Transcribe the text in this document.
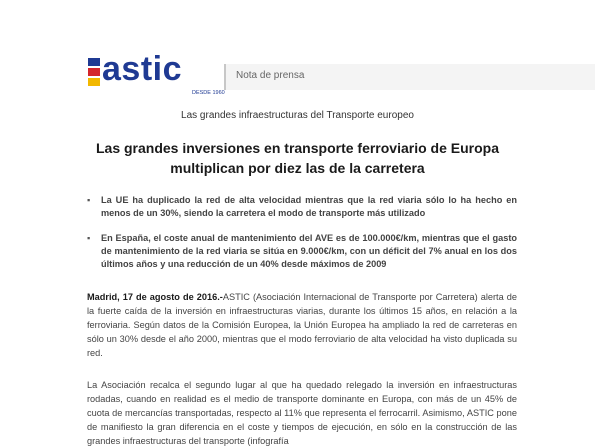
astic
DESDE 1960
Nota de prensa
Las grandes infraestructuras del Transporte europeo
Las grandes inversiones en transporte ferroviario de Europa
multiplican por diez las de la carretera
▪ La UE ha duplicado la red de alta velocidad mientras que la red viaria sólo lo ha hecho en menos de un 30%, siendo la carretera el modo de transporte más utilizado
▪ En España, el coste anual de mantenimiento del AVE es de 100.000€/km, mientras que el gasto de mantenimiento de la red viaria se sitúa en 9.000€/km, con un déficit del 7% anual en los dos últimos años y una reducción de un 40% desde máximos de 2009
Madrid, 17 de agosto de 2016.-ASTIC (Asociación Internacional de Transporte por Carretera) alerta de la fuerte caída de la inversión en infraestructuras viarias, durante los últimos 15 años, en relación a la ferroviaria. Según datos de la Comisión Europea, la Unión Europea ha ampliado la red de carreteras en sólo un 30% desde el año 2000, mientras que el modo ferroviario de alta velocidad ha visto duplicada su red.
La Asociación recalca el segundo lugar al que ha quedado relegado la inversión en infraestructuras rodadas, cuando en realidad es el medio de transporte dominante en Europa, con más de un 45% de cuota de mercancías transportadas, respecto al 11% que representa el ferrocarril. Asimismo, ASTIC pone de manifiesto la gran diferencia en el coste y tiempos de ejecución, en sólo en la construcción de las grandes infraestructuras del transporte (infografía
